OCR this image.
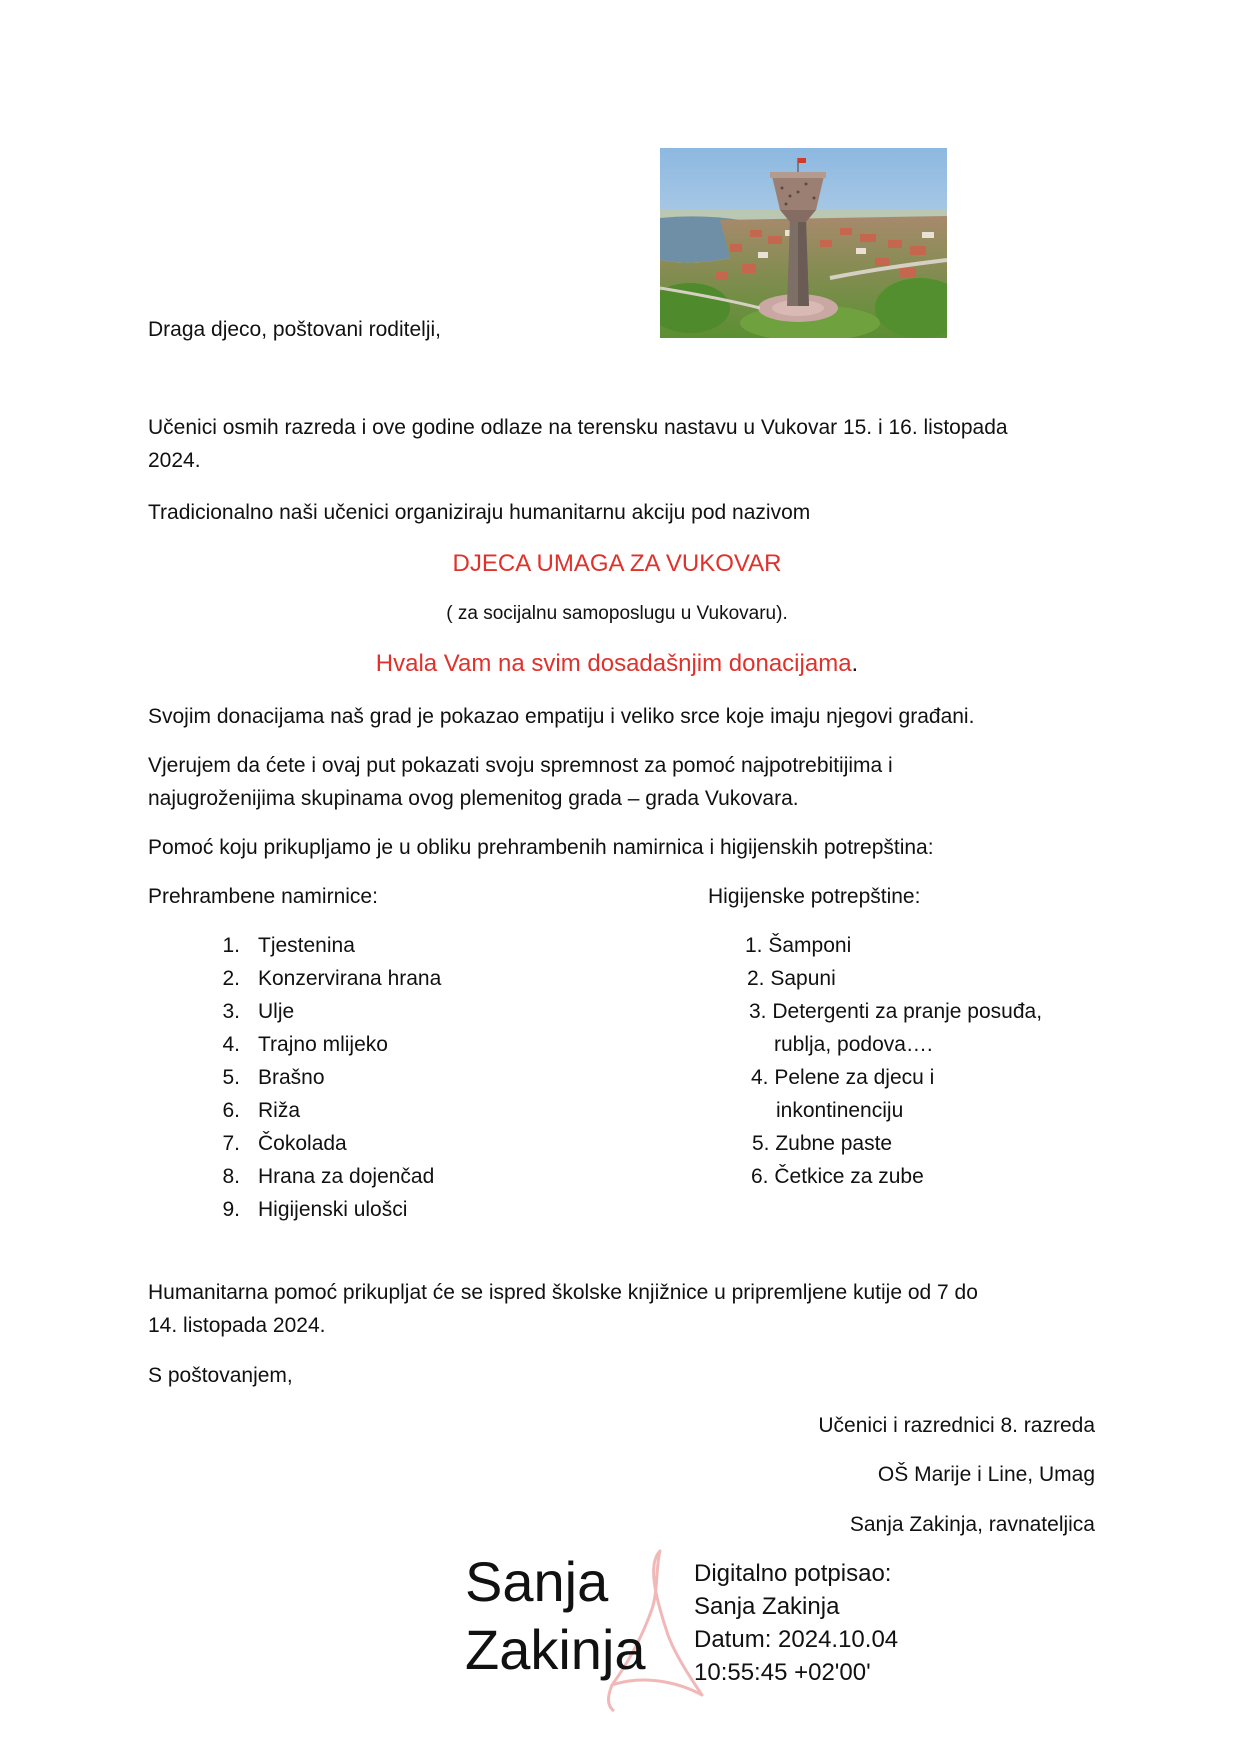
Draga djeco, poštovani roditelji,
Učenici osmih razreda i ove godine odlaze na terensku nastavu u Vukovar 15. i 16. listopada
2024.
Tradicionalno naši učenici organiziraju humanitarnu akciju pod nazivom
DJECA UMAGA ZA VUKOVAR
( za socijalnu samoposlugu u Vukovaru).
Hvala Vam na svim dosadašnjim donacijama.
Svojim donacijama naš grad je pokazao empatiju i veliko srce koje imaju njegovi građani.
Vjerujem da ćete i ovaj put pokazati svoju spremnost za pomoć najpotrebitijima i
najugroženijima skupinama ovog plemenitog grada – grada Vukovara.
Pomoć koju prikupljamo je u obliku prehrambenih namirnica i higijenskih potrepština:
Prehrambene namirnice:	Higijenske potrepštine:
1. Tjestenina
2. Konzervirana hrana
3. Ulje
4. Trajno mlijeko
5. Brašno
6. Riža
7. Čokolada
8. Hrana za dojenčad
9. Higijenski ulošci
1. Šamponi
2. Sapuni
3. Detergenti za pranje posuđa,
rublja, podova….
4. Pelene za djecu i
inkontinenciju
5. Zubne paste
6. Četkice za zube
Humanitarna pomoć prikupljat će se ispred školske knjižnice u pripremljene kutije od 7 do
14. listopada 2024.
S poštovanjem,
Učenici i razrednici 8. razreda
OŠ Marije i Line, Umag
Sanja Zakinja, ravnateljica
Sanja
Zakinja
Digitalno potpisao:
Sanja Zakinja
Datum: 2024.10.04
10:55:45 +02'00'
